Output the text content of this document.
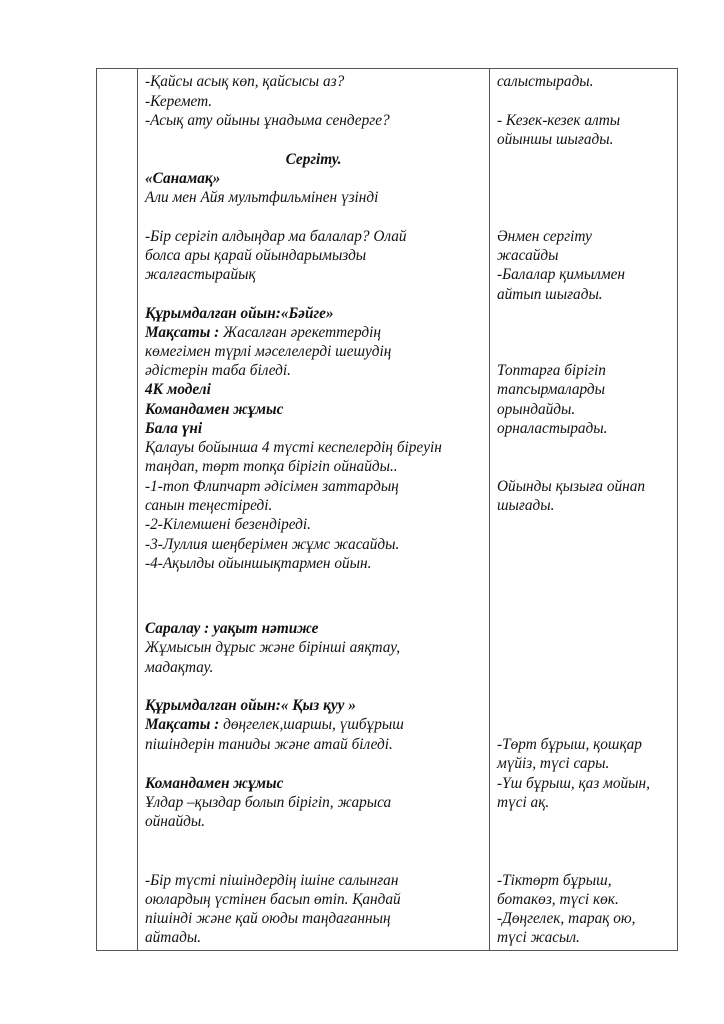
-Қайсы асық көп, қайсысы аз?
-Керемет.
-Асық ату ойыны ұнадыма сендерге?
Сергіту.
«Санамақ»
Али мен Айя мультфильмінен үзінді
-Бір серігіп алдыңдар ма балалар? Олай
болса ары қарай ойындарымызды
жалғастырайық
Құрымдалған ойын:«Бәйге»
Мақсаты : Жасалған әрекеттердің
көмегімен түрлі мәселелерді шешудің
әдістерін таба біледі.
4К моделі
Командамен жұмыс
Бала үні
Қалауы бойынша 4 түсті кеспелердің біреуін
таңдап, төрт топқа бірігіп ойнайды..
-1-топ Флипчарт әдісімен заттардың
санын теңестіреді.
-2-Кілемшені безендіреді.
-3-Луллия шеңберімен жұмс жасайды.
-4-Ақылды ойыншықтармен ойын.
Саралау : уақыт нәтиже
Жұмысын дұрыс және бірінші аяқтау,
мадақтау.
Құрымдалған ойын:« Қыз қуу »
Мақсаты : дөңгелек,шаршы, үшбұрыш
пішіндерін таниды және атай біледі.
Командамен жұмыс
Ұлдар –қыздар болып бірігіп, жарыса
ойнайды.
-Бір түсті пішіндердің ішіне салынған
оюлардың үстінен басып өтіп. Қандай
пішінді және қай оюды таңдағанның
айтады.
салыстырады.
- Кезек-кезек алты
ойыншы шығады.
Әнмен сергіту
жасайды
-Балалар қимылмен
айтып шығады.
Топтарға бірігіп
тапсырмаларды
орындайды.
орналастырады.
Ойынды қызыға ойнап
шығады.
-Төрт бұрыш, қошқар
мүйіз, түсі сары.
-Үш бұрыш, қаз мойын,
түсі ақ.
-Тіктөрт бұрыш,
ботакөз, түсі көк.
-Дөңгелек, тарақ ою,
түсі жасыл.
